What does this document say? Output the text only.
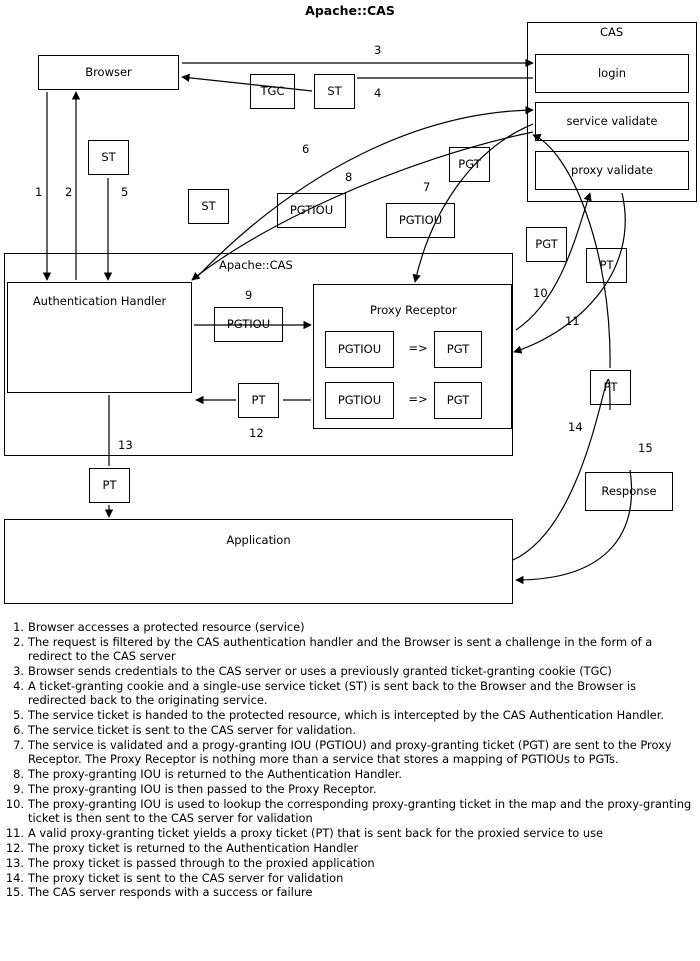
Apache::CAS
CAS
Apache::CAS
Proxy Receptor
Browser
TGC	ST
login
service validate
proxy validate
ST
ST	PGTIOU
PGTIOU
PGT
PGT
PT
PT
Authentication Handler
PGTIOU
PGTIOU	=>	PGT
PGTIOU	=>	PGT
PT
PT	Response
Application
1 2
3
4
5
6
7
8
9	10
11
12
13
14
15
1. Browser accesses a protected resource (service)
2. The request is filtered by the CAS authentication handler and the Browser is sent a challenge in the form of a redirect to the CAS server
3. Browser sends credentials to the CAS server or uses a previously granted ticket-granting cookie (TGC)
4. A ticket-granting cookie and a single-use service ticket (ST) is sent back to the Browser and the Browser is redirected back to the originating service.
5. The service ticket is handed to the protected resource, which is intercepted by the CAS Authentication Handler.
6. The service ticket is sent to the CAS server for validation.
7. The service is validated and a progy-granting IOU (PGTIOU) and proxy-granting ticket (PGT) are sent to the Proxy Receptor. The Proxy Receptor is nothing more than a service that stores a mapping of PGTIOUs to PGTs.
8. The proxy-granting IOU is returned to the Authentication Handler.
9. The proxy-granting IOU is then passed to the Proxy Receptor.
10. The proxy-granting IOU is used to lookup the corresponding proxy-granting ticket in the map and the proxy-granting ticket is then sent to the CAS server for validation
11. A valid proxy-granting ticket yields a proxy ticket (PT) that is sent back for the proxied service to use
12. The proxy ticket is returned to the Authentication Handler
13. The proxy ticket is passed through to the proxied application
14. The proxy ticket is sent to the CAS server for validation
15. The CAS server responds with a success or failure
